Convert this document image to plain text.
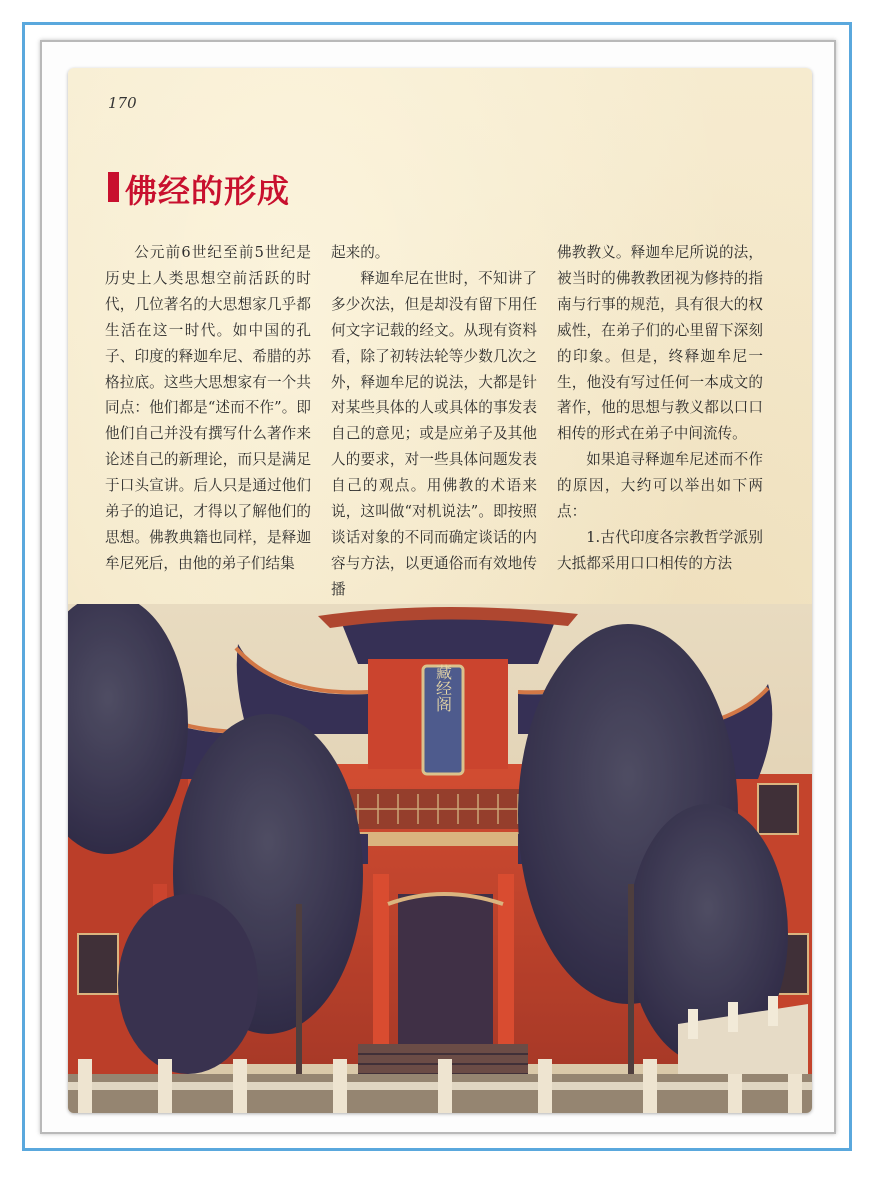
170
佛经的形成

公元前6世纪至前5世纪是历史上人类思想空前活跃的时代，几位著名的大思想家几乎都生活在这一时代。如中国的孔子、印度的释迦牟尼、希腊的苏格拉底。这些大思想家有一个共同点：他们都是“述而不作”。即他们自己并没有撰写什么著作来论述自己的新理论，而只是满足于口头宣讲。后人只是通过他们弟子的追记，才得以了解他们的思想。佛教典籍也同样，是释迦牟尼死后，由他的弟子们结集

起来的。

释迦牟尼在世时，不知讲了多少次法，但是却没有留下用任何文字记载的经文。从现有资料看，除了初转法轮等少数几次之外，释迦牟尼的说法，大都是针对某些具体的人或具体的事发表自己的意见；或是应弟子及其他人的要求，对一些具体问题发表自己的观点。用佛教的术语来说，这叫做“对机说法”。即按照谈话对象的不同而确定谈话的内容与方法，以更通俗而有效地传播

佛教教义。释迦牟尼所说的法，被当时的佛教教团视为修持的指南与行事的规范，具有很大的权威性，在弟子们的心里留下深刻的印象。但是，终释迦牟尼一生，他没有写过任何一本成文的著作，他的思想与教义都以口口相传的形式在弟子中间流传。

如果追寻释迦牟尼述而不作的原因，大约可以举出如下两点：

1.古代印度各宗教哲学派别大抵都采用口口相传的方法

藏经阁
